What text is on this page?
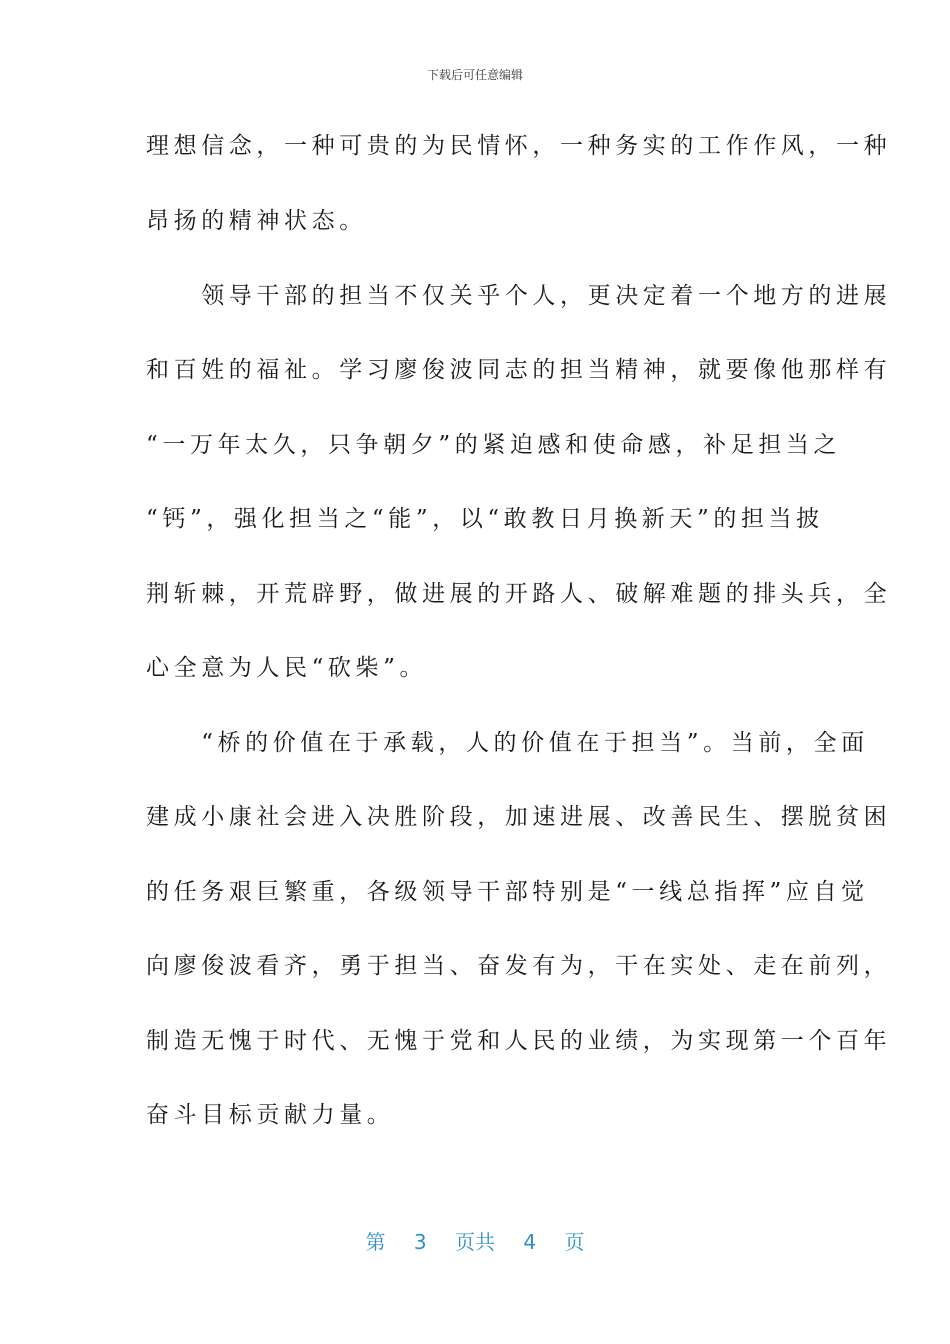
下载后可任意编辑
理想信念，一种可贵的为民情怀，一种务实的工作作风，一种
昂扬的精神状态。
　　领导干部的担当不仅关乎个人，更决定着一个地方的进展
和百姓的福祉。学习廖俊波同志的担当精神，就要像他那样有
“一万年太久，只争朝夕”的紧迫感和使命感，补足担当之
“钙”，强化担当之“能”，以“敢教日月换新天”的担当披
荆斩棘，开荒辟野，做进展的开路人、破解难题的排头兵，全
心全意为人民“砍柴”。
　　“桥的价值在于承载，人的价值在于担当”。当前，全面
建成小康社会进入决胜阶段，加速进展、改善民生、摆脱贫困
的任务艰巨繁重，各级领导干部特别是“一线总指挥”应自觉
向廖俊波看齐，勇于担当、奋发有为，干在实处、走在前列，
制造无愧于时代、无愧于党和人民的业绩，为实现第一个百年
奋斗目标贡献力量。
第 3 页共 4 页
